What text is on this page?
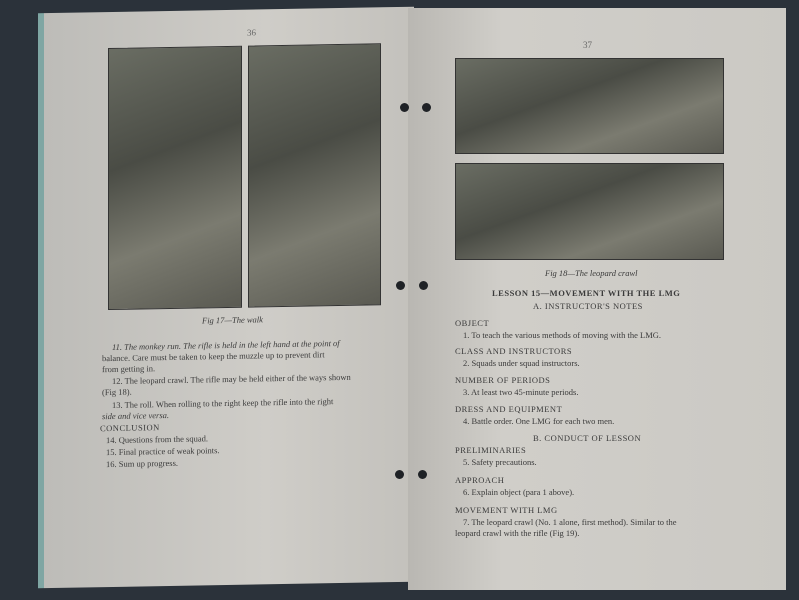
36
Fig 17—The walk
11. The monkey run. The rifle is held in the left hand at the point of
balance. Care must be taken to keep the muzzle up to prevent dirt
from getting in.
12. The leopard crawl. The rifle may be held either of the ways shown
(Fig 18).
13. The roll. When rolling to the right keep the rifle into the right
side and vice versa.
CONCLUSION
14. Questions from the squad.
15. Final practice of weak points.
16. Sum up progress.
37
Fig 18—The leopard crawl
LESSON 15—MOVEMENT WITH THE LMG
A. INSTRUCTOR'S NOTES
OBJECT
1. To teach the various methods of moving with the LMG.
CLASS AND INSTRUCTORS
2. Squads under squad instructors.
NUMBER OF PERIODS
3. At least two 45-minute periods.
DRESS AND EQUIPMENT
4. Battle order. One LMG for each two men.
B. CONDUCT OF LESSON
PRELIMINARIES
5. Safety precautions.
APPROACH
6. Explain object (para 1 above).
MOVEMENT WITH LMG
7. The leopard crawl (No. 1 alone, first method). Similar to the
leopard crawl with the rifle (Fig 19).
